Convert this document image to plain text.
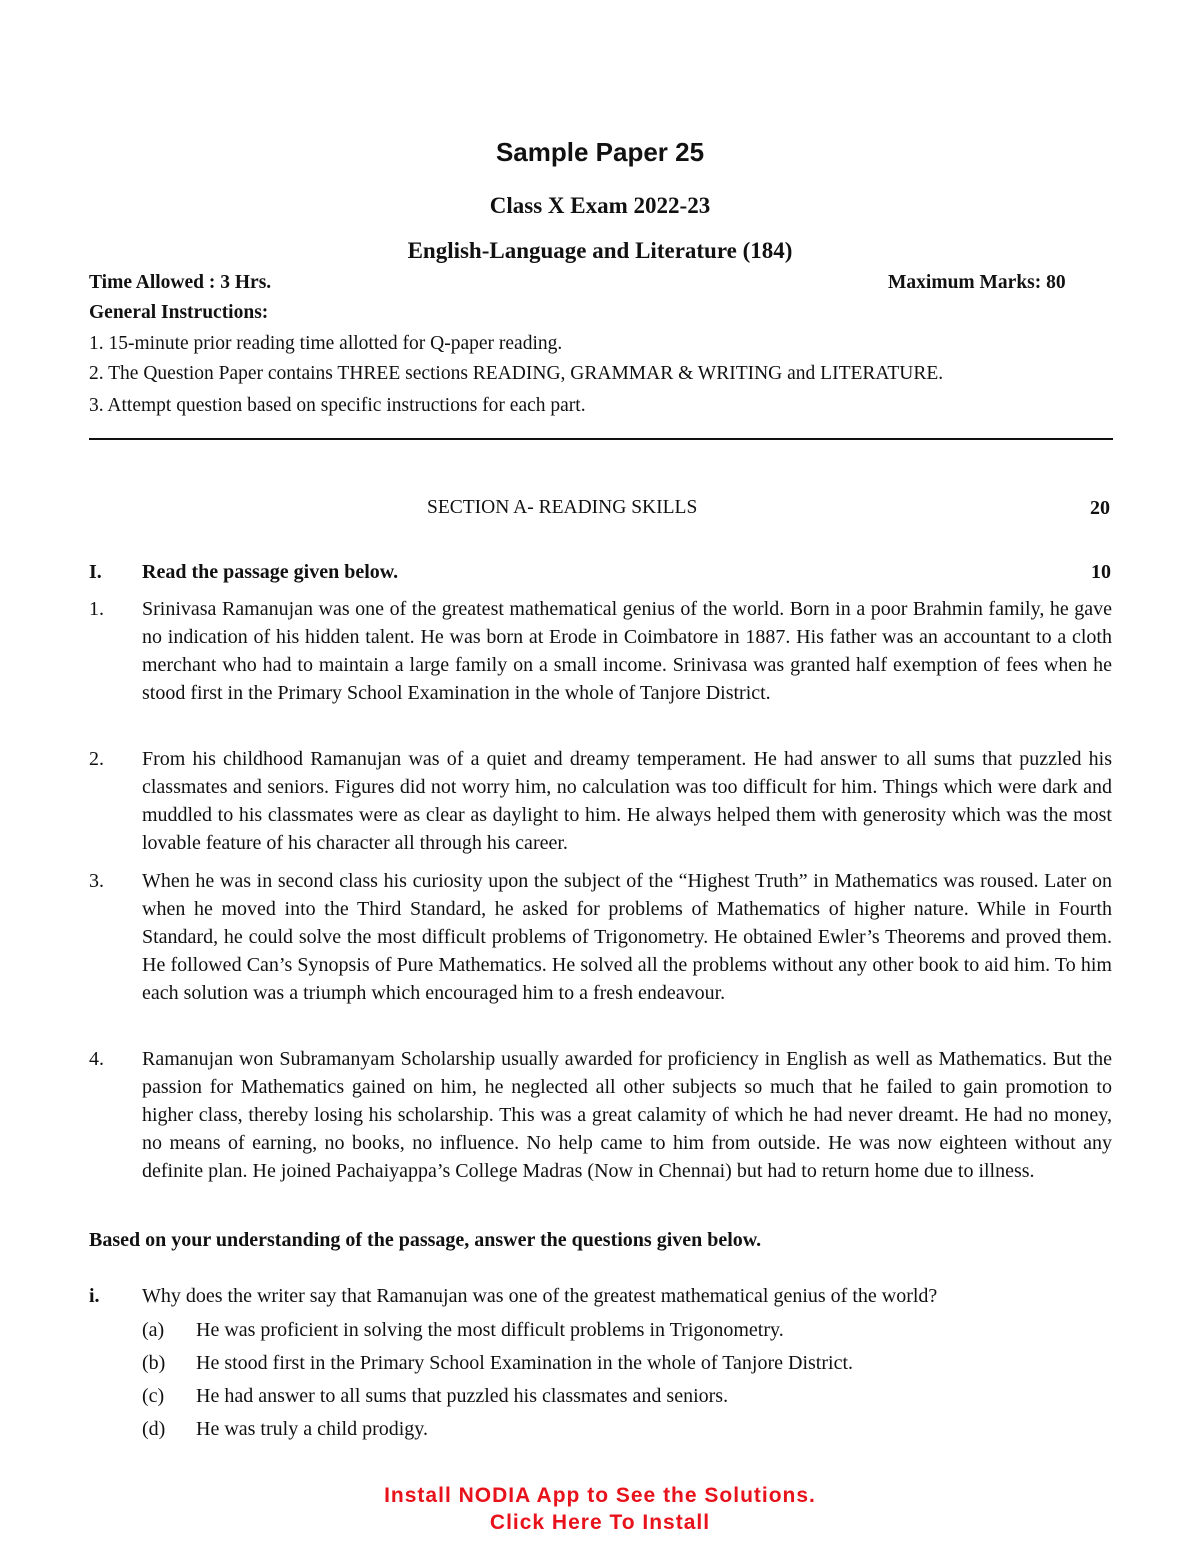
Sample Paper 25
Class X Exam 2022-23
English-Language and Literature (184)
Time Allowed : 3 Hrs.	Maximum Marks: 80
General Instructions:
1. 15-minute prior reading time allotted for Q-paper reading.
2. The Question Paper contains THREE sections READING, GRAMMAR & WRITING and LITERATURE.
3. Attempt question based on specific instructions for each part.
SECTION A- READING SKILLS	20
I. Read the passage given below.	10
1. Srinivasa Ramanujan was one of the greatest mathematical genius of the world. Born in a poor Brahmin family, he gave no indication of his hidden talent. He was born at Erode in Coimbatore in 1887. His father was an accountant to a cloth merchant who had to maintain a large family on a small income. Srinivasa was granted half exemption of fees when he stood first in the Primary School Examination in the whole of Tanjore District.
2. From his childhood Ramanujan was of a quiet and dreamy temperament. He had answer to all sums that puzzled his classmates and seniors. Figures did not worry him, no calculation was too difficult for him. Things which were dark and muddled to his classmates were as clear as daylight to him. He always helped them with generosity which was the most lovable feature of his character all through his career.
3. When he was in second class his curiosity upon the subject of the “Highest Truth” in Mathematics was roused. Later on when he moved into the Third Standard, he asked for problems of Mathematics of higher nature. While in Fourth Standard, he could solve the most difficult problems of Trigonometry. He obtained Ewler’s Theorems and proved them. He followed Can’s Synopsis of Pure Mathematics. He solved all the problems without any other book to aid him. To him each solution was a triumph which encouraged him to a fresh endeavour.
4. Ramanujan won Subramanyam Scholarship usually awarded for proficiency in English as well as Mathematics. But the passion for Mathematics gained on him, he neglected all other subjects so much that he failed to gain promotion to higher class, thereby losing his scholarship. This was a great calamity of which he had never dreamt. He had no money, no means of earning, no books, no influence. No help came to him from outside. He was now eighteen without any definite plan. He joined Pachaiyappa’s College Madras (Now in Chennai) but had to return home due to illness.
Based on your understanding of the passage, answer the questions given below.
i. Why does the writer say that Ramanujan was one of the greatest mathematical genius of the world?
(a) He was proficient in solving the most difficult problems in Trigonometry.
(b) He stood first in the Primary School Examination in the whole of Tanjore District.
(c) He had answer to all sums that puzzled his classmates and seniors.
(d) He was truly a child prodigy.
Install NODIA App to See the Solutions.
Click Here To Install
